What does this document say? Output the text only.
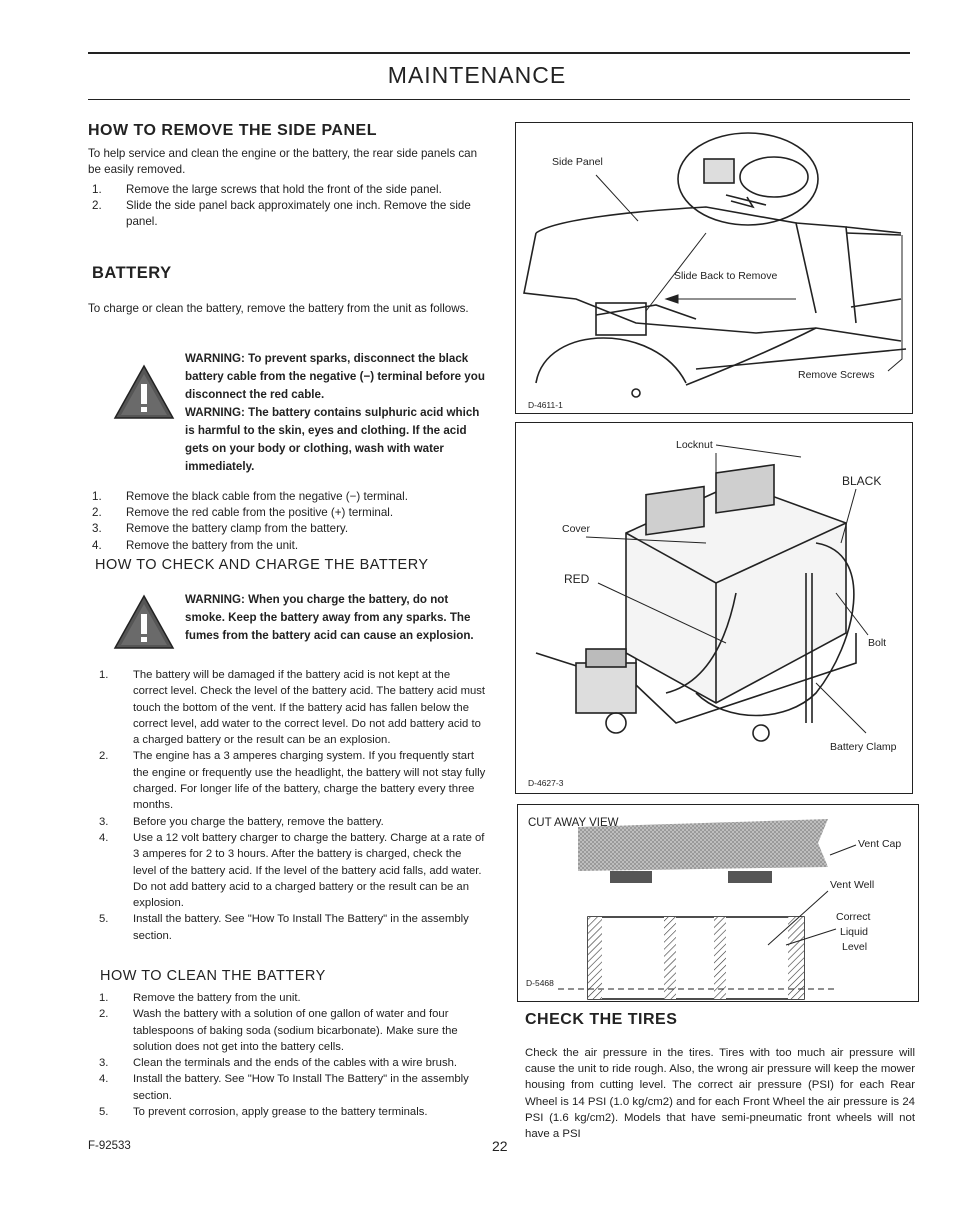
MAINTENANCE
HOW TO REMOVE THE SIDE PANEL

To help service and clean the engine or the battery, the rear side panels can be easily removed.

1. Remove the large screws that hold the front of the side panel.
2. Slide the side panel back approximately one inch. Remove the side panel.
BATTERY

To charge or clean the battery, remove the battery from the unit as follows.

WARNING: To prevent sparks, disconnect the black battery cable from the negative (−) terminal before you disconnect the red cable.
WARNING: The battery contains sulphuric acid which is harmful to the skin, eyes and clothing. If the acid gets on your body or clothing, wash with water immediately.
1. Remove the black cable from the negative (−) terminal.
2. Remove the red cable from the positive (+) terminal.
3. Remove the battery clamp from the battery.
4. Remove the battery from the unit.
HOW TO CHECK AND CHARGE THE BATTERY
WARNING: When you charge the battery, do not smoke. Keep the battery away from any sparks. The fumes from the battery acid can cause an explosion.
1. The battery will be damaged if the battery acid is not kept at the correct level. Check the level of the battery acid. The battery acid must touch the bottom of the vent. If the battery acid has fallen below the correct level, add water to the correct level. Do not add battery acid to a charged battery or the result can be an explosion.
2. The engine has a 3 amperes charging system. If you frequently start the engine or frequently use the headlight, the battery will not stay fully charged. For longer life of the battery, charge the battery every three months.
3. Before you charge the battery, remove the battery.
4. Use a 12 volt battery charger to charge the battery. Charge at a rate of 3 amperes for 2 to 3 hours. After the battery is charged, check the level of the battery acid. If the level of the battery acid falls, add water. Do not add battery acid to a charged battery or the result can be an explosion.
5. Install the battery. See "How To Install The Battery" in the assembly section.
HOW TO CLEAN THE BATTERY
1. Remove the battery from the unit.
2. Wash the battery with a solution of one gallon of water and four tablespoons of baking soda (sodium bicarbonate). Make sure the solution does not get into the battery cells.
3. Clean the terminals and the ends of the cables with a wire brush.
4. Install the battery. See "How To Install The Battery" in the assembly section.
5. To prevent corrosion, apply grease to the battery terminals.
F-92533	22
Side Panel
Slide Back to Remove
Remove Screws
D-4611-1
Locknut
BLACK
Cover
RED
Bolt
Battery Clamp
D-4627-3
CUT AWAY VIEW
Vent Cap
Vent Well
Correct
Liquid
Level
D-5468
CHECK THE TIRES

Check the air pressure in the tires. Tires with too much air pressure will cause the unit to ride rough. Also, the wrong air pressure will keep the mower housing from cutting level. The correct air pressure (PSI) for each Rear Wheel is 14 PSI (1.0 kg/cm2) and for each Front Wheel the air pressure is 24 PSI (1.6 kg/cm2). Models that have semi-pneumatic front wheels will not have a PSI
